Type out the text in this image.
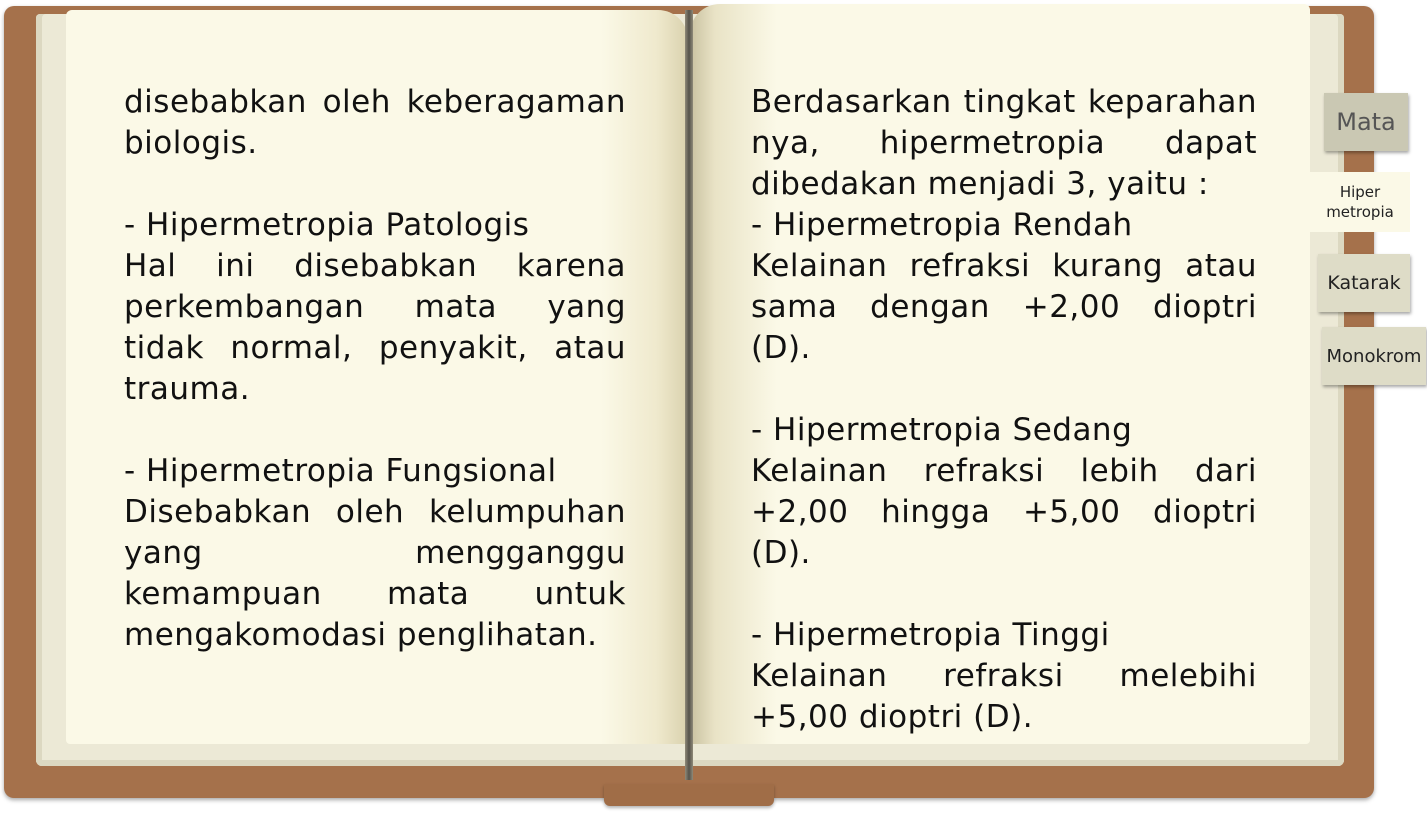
disebabkan oleh keberagaman biologis.

- Hipermetropia Patologis

Hal ini disebabkan karena perkembangan mata yang tidak normal, penyakit, atau trauma.

- Hipermetropia Fungsional

Disebabkan oleh kelumpuhan yang mengganggu kemampuan mata untuk mengakomodasi penglihatan.

Berdasarkan tingkat keparahan nya, hipermetropia dapat dibedakan menjadi 3, yaitu :

- Hipermetropia Rendah

Kelainan refraksi kurang atau sama dengan +2,00 dioptri (D).

- Hipermetropia Sedang

Kelainan refraksi lebih dari +2,00 hingga +5,00 dioptri (D).

- Hipermetropia Tinggi

Kelainan refraksi melebihi +5,00 dioptri (D).

Mata
Hiper
metropia
Katarak
Monokrom
